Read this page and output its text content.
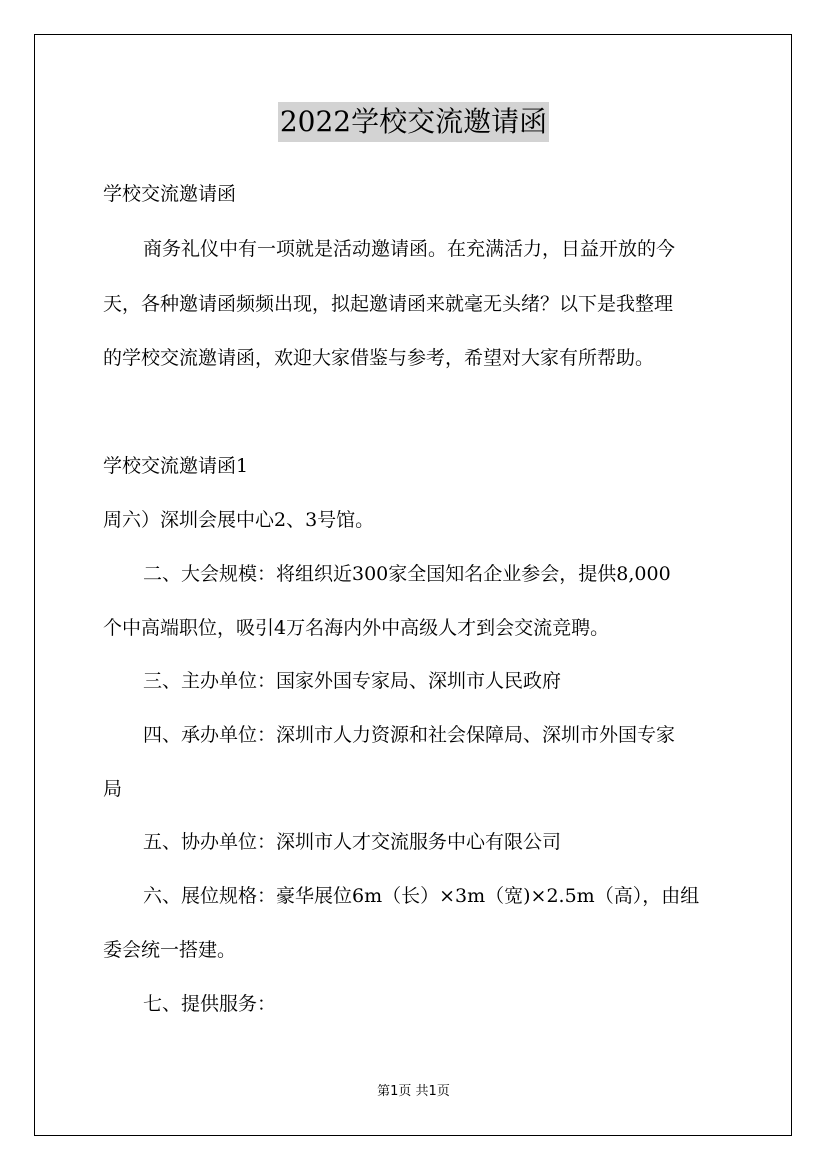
2022学校交流邀请函
学校交流邀请函
商务礼仪中有一项就是活动邀请函。在充满活力，日益开放的今
天，各种邀请函频频出现，拟起邀请函来就毫无头绪？以下是我整理
的学校交流邀请函，欢迎大家借鉴与参考，希望对大家有所帮助。
学校交流邀请函1
周六）深圳会展中心2、3号馆。
二、大会规模：将组织近300家全国知名企业参会，提供8,000
个中高端职位，吸引4万名海内外中高级人才到会交流竞聘。
三、主办单位：国家外国专家局、深圳市人民政府
四、承办单位：深圳市人力资源和社会保障局、深圳市外国专家
局
五、协办单位：深圳市人才交流服务中心有限公司
六、展位规格：豪华展位6m（长）×3m（宽)×2.5m（高），由组
委会统一搭建。
七、提供服务：
第1页 共1页
